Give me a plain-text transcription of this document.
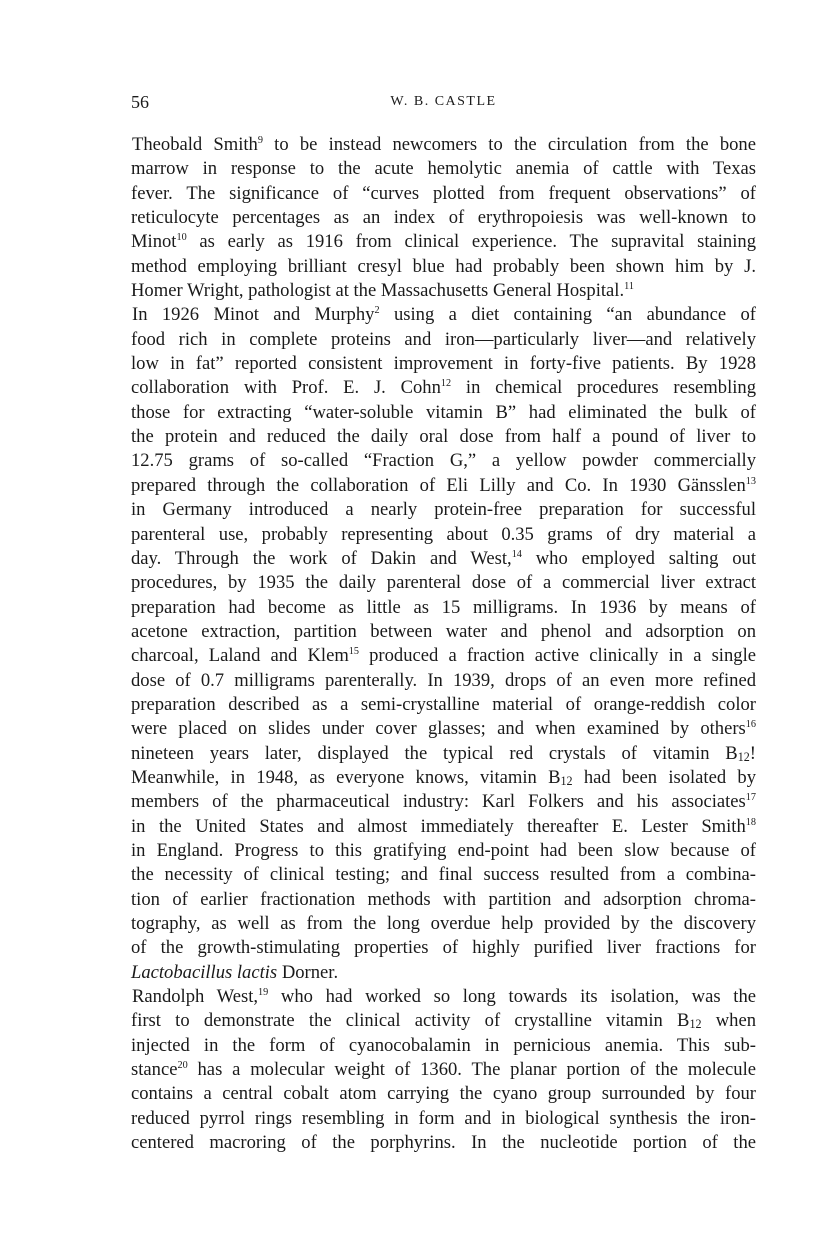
56	W. B. CASTLE
Theobald Smith$^9$ to be instead newcomers to the circulation from the bone
marrow in response to the acute hemolytic anemia of cattle with Texas
fever. The significance of “curves plotted from frequent observations” of
reticulocyte percentages as an index of erythropoiesis was well-known to
Minot$^{10}$ as early as 1916 from clinical experience. The supravital staining
method employing brilliant cresyl blue had probably been shown him by J.
Homer Wright, pathologist at the Massachusetts General Hospital.$^{11}$
In 1926 Minot and Murphy$^2$ using a diet containing “an abundance of
food rich in complete proteins and iron—particularly liver—and relatively
low in fat” reported consistent improvement in forty-five patients. By 1928
collaboration with Prof. E. J. Cohn$^{12}$ in chemical procedures resembling
those for extracting “water-soluble vitamin B” had eliminated the bulk of
the protein and reduced the daily oral dose from half a pound of liver to
12.75 grams of so-called “Fraction G,” a yellow powder commercially
prepared through the collaboration of Eli Lilly and Co. In 1930 Gänsslen$^{13}$
in Germany introduced a nearly protein-free preparation for successful
parenteral use, probably representing about 0.35 grams of dry material a
day. Through the work of Dakin and West,$^{14}$ who employed salting out
procedures, by 1935 the daily parenteral dose of a commercial liver extract
preparation had become as little as 15 milligrams. In 1936 by means of
acetone extraction, partition between water and phenol and adsorption on
charcoal, Laland and Klem$^{15}$ produced a fraction active clinically in a single
dose of 0.7 milligrams parenterally. In 1939, drops of an even more refined
preparation described as a semi-crystalline material of orange-reddish color
were placed on slides under cover glasses; and when examined by others$^{16}$
nineteen years later, displayed the typical red crystals of vitamin $B_{12}$!
Meanwhile, in 1948, as everyone knows, vitamin $B_{12}$ had been isolated by
members of the pharmaceutical industry: Karl Folkers and his associates$^{17}$
in the United States and almost immediately thereafter E. Lester Smith$^{18}$
in England. Progress to this gratifying end-point had been slow because of
the necessity of clinical testing; and final success resulted from a combina-
tion of earlier fractionation methods with partition and adsorption chroma-
tography, as well as from the long overdue help provided by the discovery
of the growth-stimulating properties of highly purified liver fractions for
Lactobacillus lactis Dorner.
Randolph West,$^{19}$ who had worked so long towards its isolation, was the
first to demonstrate the clinical activity of crystalline vitamin $B_{12}$ when
injected in the form of cyanocobalamin in pernicious anemia. This sub-
stance$^{20}$ has a molecular weight of 1360. The planar portion of the molecule
contains a central cobalt atom carrying the cyano group surrounded by four
reduced pyrrol rings resembling in form and in biological synthesis the iron-
centered macroring of the porphyrins. In the nucleotide portion of the
